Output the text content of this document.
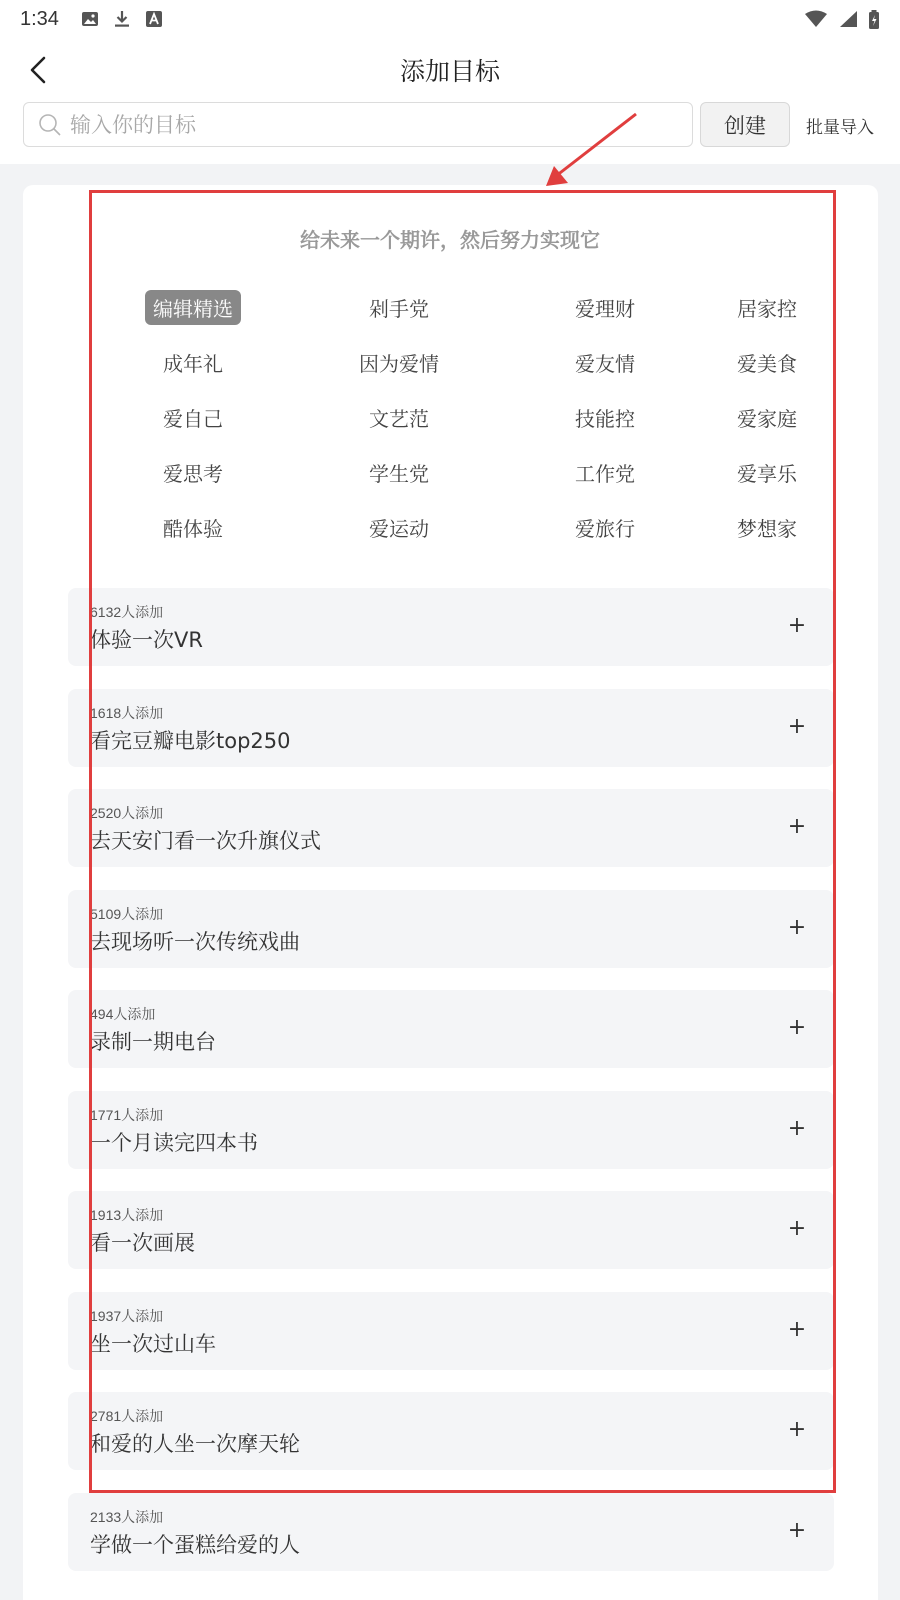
1:34
添加目标
输入你的目标
创建	批量导入
给未来一个期许，然后努力实现它
编辑精选	剁手党	爱理财	居家控
成年礼	因为爱情	爱友情	爱美食
爱自己	文艺范	技能控	爱家庭
爱思考	学生党	工作党	爱享乐
酷体验	爱运动	爱旅行	梦想家
6132人添加
体验一次VR
+
1618人添加
看完豆瓣电影top250
+
2520人添加
去天安门看一次升旗仪式
+
5109人添加
去现场听一次传统戏曲
+
494人添加
录制一期电台
+
1771人添加
一个月读完四本书
+
1913人添加
看一次画展
+
1937人添加
坐一次过山车
+
2781人添加
和爱的人坐一次摩天轮
+
2133人添加
学做一个蛋糕给爱的人
+
